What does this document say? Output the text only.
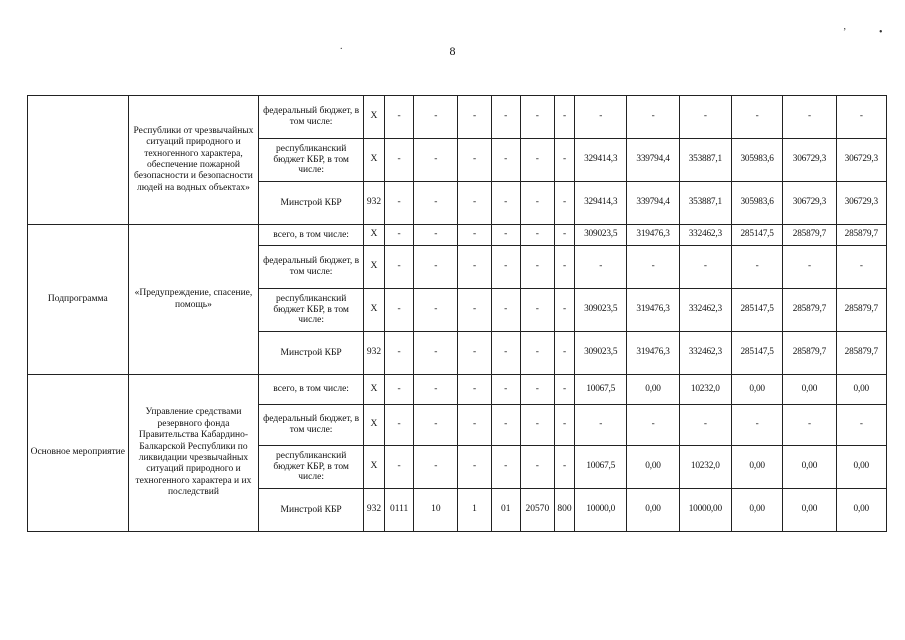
8
’	•
.
	Республики от чрезвычайных ситуаций природного и техногенного характера, обеспечение пожарной безопасности и безопасности людей на водных объектах»	федеральный бюджет, в том числе:	X	-	-	-	-	-	-	-	-	-	-	-	-
		республиканский бюджет КБР, в том числе:	X	-	-	-	-	-	-	329414,3	339794,4	353887,1	305983,6	306729,3	306729,3
		Минстрой КБР	932	-	-	-	-	-	-	329414,3	339794,4	353887,1	305983,6	306729,3	306729,3
Подпрограмма	«Предупреждение, спасение, помощь»	всего, в том числе:	X	-	-	-	-	-	-	309023,5	319476,3	332462,3	285147,5	285879,7	285879,7
		федеральный бюджет, в том числе:	X	-	-	-	-	-	-	-	-	-	-	-	-
		республиканский бюджет КБР, в том числе:	X	-	-	-	-	-	-	309023,5	319476,3	332462,3	285147,5	285879,7	285879,7
		Минстрой КБР	932	-	-	-	-	-	-	309023,5	319476,3	332462,3	285147,5	285879,7	285879,7
Основное мероприятие	Управление средствами резервного фонда Правительства Кабардино-Балкарской Республики по ликвидации чрезвычайных ситуаций природного и техногенного характера и их последствий	всего, в том числе:	X	-	-	-	-	-	-	10067,5	0,00	10232,0	0,00	0,00	0,00
		федеральный бюджет, в том числе:	X	-	-	-	-	-	-	-	-	-	-	-	-
		республиканский бюджет КБР, в том числе:	X	-	-	-	-	-	-	10067,5	0,00	10232,0	0,00	0,00	0,00
		Минстрой КБР	932	0111	10	1	01	20570	800	10000,0	0,00	10000,00	0,00	0,00	0,00
